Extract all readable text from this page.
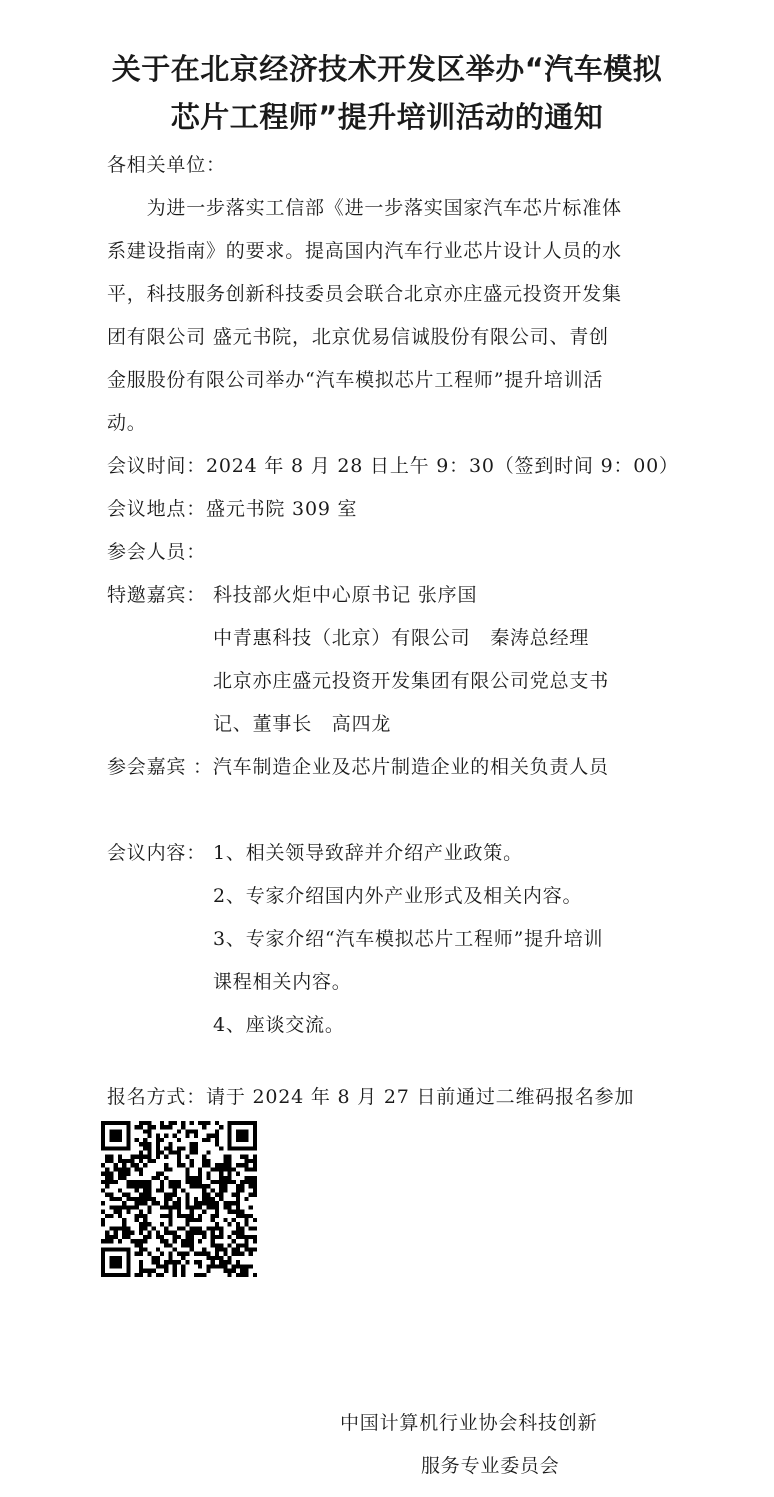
关于在北京经济技术开发区举办“汽车模拟
芯片工程师”提升培训活动的通知

各相关单位：

　　为进一步落实工信部《进一步落实国家汽车芯片标准体

系建设指南》的要求。提高国内汽车行业芯片设计人员的水

平，科技服务创新科技委员会联合北京亦庄盛元投资开发集

团有限公司 盛元书院，北京优易信诚股份有限公司、青创

金服股份有限公司举办“汽车模拟芯片工程师”提升培训活

动。

会议时间：2024 年 8 月 28 日上午 9：30（签到时间 9：00）

会议地点：盛元书院 309 室

参会人员：

特邀嘉宾： 科技部火炬中心原书记 张序国

中青惠科技（北京）有限公司　秦涛总经理

北京亦庄盛元投资开发集团有限公司党总支书

记、董事长　高四龙

参会嘉宾 ：汽车制造企业及芯片制造企业的相关负责人员

会议内容： 1、相关领导致辞并介绍产业政策。

2、专家介绍国内外产业形式及相关内容。

3、专家介绍“汽车模拟芯片工程师”提升培训

课程相关内容。

4、座谈交流。

报名方式：请于 2024 年 8 月 27 日前通过二维码报名参加

中国计算机行业协会科技创新
服务专业委员会
